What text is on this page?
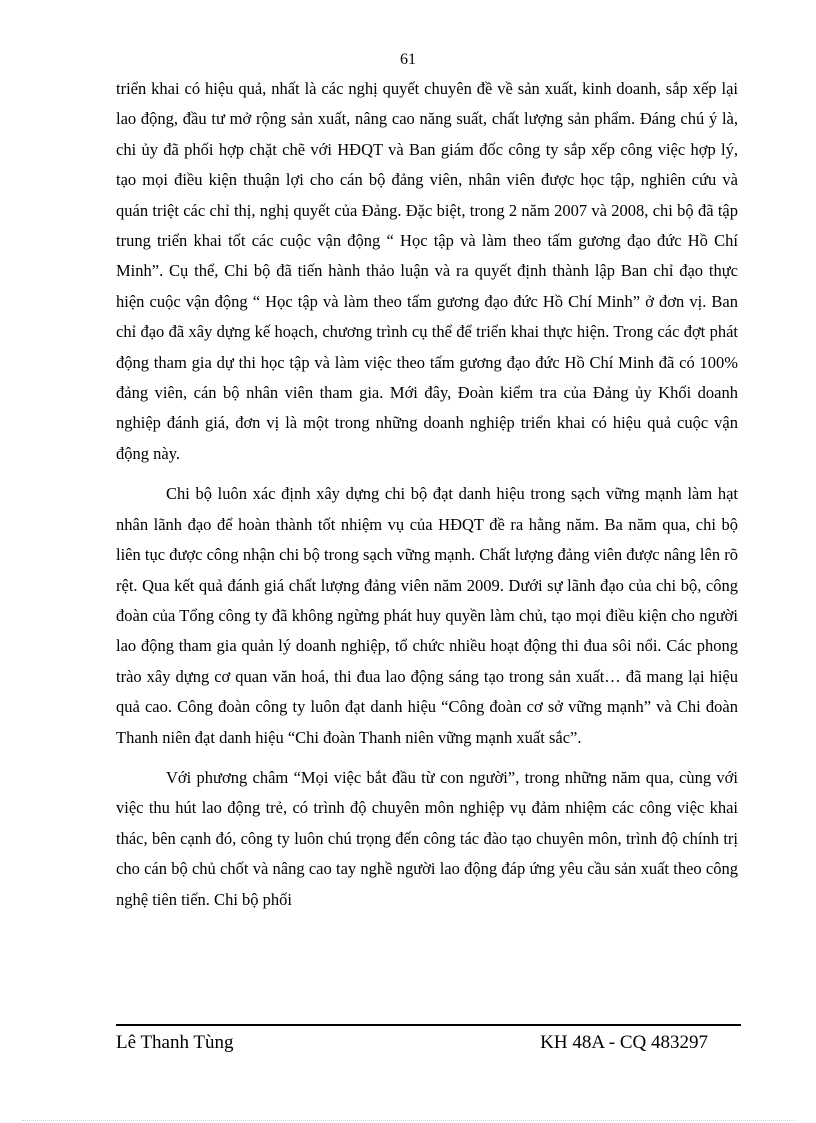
61

triển khai có hiệu quả, nhất là các nghị quyết chuyên đề về sản xuất, kinh doanh, sắp xếp lại lao động, đầu tư mở rộng sản xuất, nâng cao năng suất, chất lượng sản phẩm. Đáng chú ý là, chi ủy đã phối hợp chặt chẽ với HĐQT và Ban giám đốc công ty sắp xếp công việc hợp lý, tạo mọi điều kiện thuận lợi cho cán bộ đảng viên, nhân viên được học tập, nghiên cứu và quán triệt các chỉ thị, nghị quyết của Đảng. Đặc biệt, trong 2 năm 2007 và 2008, chi bộ đã tập trung triển khai tốt các cuộc vận động “ Học tập và làm theo tấm gương đạo đức Hồ Chí Minh”. Cụ thể, Chi bộ đã tiến hành thảo luận và ra quyết định thành lập Ban chỉ đạo thực hiện cuộc vận động “ Học tập và làm theo tấm gương đạo đức Hồ Chí Minh” ở đơn vị. Ban chỉ đạo đã xây dựng kế hoạch, chương trình cụ thể để triển khai thực hiện. Trong các đợt phát động tham gia dự thi học tập và làm việc theo tấm gương đạo đức Hồ Chí Minh đã có 100% đảng viên, cán bộ nhân viên tham gia. Mới đây, Đoàn kiểm tra của Đảng ủy Khối doanh nghiệp đánh giá, đơn vị là một trong những doanh nghiệp triển khai có hiệu quả cuộc vận động này.

Chi bộ luôn xác định xây dựng chi bộ đạt danh hiệu trong sạch vững mạnh làm hạt nhân lãnh đạo để hoàn thành tốt nhiệm vụ của HĐQT đề ra hằng năm. Ba năm qua, chi bộ liên tục được công nhận chi bộ trong sạch vững mạnh. Chất lượng đảng viên được nâng lên rõ rệt. Qua kết quả đánh giá chất lượng đảng viên năm 2009. Dưới sự lãnh đạo của chi bộ, công đoàn của Tổng công ty đã không ngừng phát huy quyền làm chủ, tạo mọi điều kiện cho người lao động tham gia quản lý doanh nghiệp, tổ chức nhiều hoạt động thi đua sôi nổi. Các phong trào xây dựng cơ quan văn hoá, thi đua lao động sáng tạo trong sản xuất… đã mang lại hiệu quả cao. Công đoàn công ty luôn đạt danh hiệu “Công đoàn cơ sở vững mạnh” và Chi đoàn Thanh niên đạt danh hiệu “Chi đoàn Thanh niên vững mạnh xuất sắc”.

Với phương châm “Mọi việc bắt đầu từ con người”, trong những năm qua, cùng với việc thu hút lao động trẻ, có trình độ chuyên môn nghiệp vụ đảm nhiệm các công việc khai thác, bên cạnh đó, công ty luôn chú trọng đến công tác đào tạo chuyên môn, trình độ chính trị cho cán bộ chủ chốt và nâng cao tay nghề người lao động đáp ứng yêu cầu sản xuất theo công nghệ tiên tiến. Chi bộ phối

Lê Thanh Tùng	KH 48A - CQ 483297
